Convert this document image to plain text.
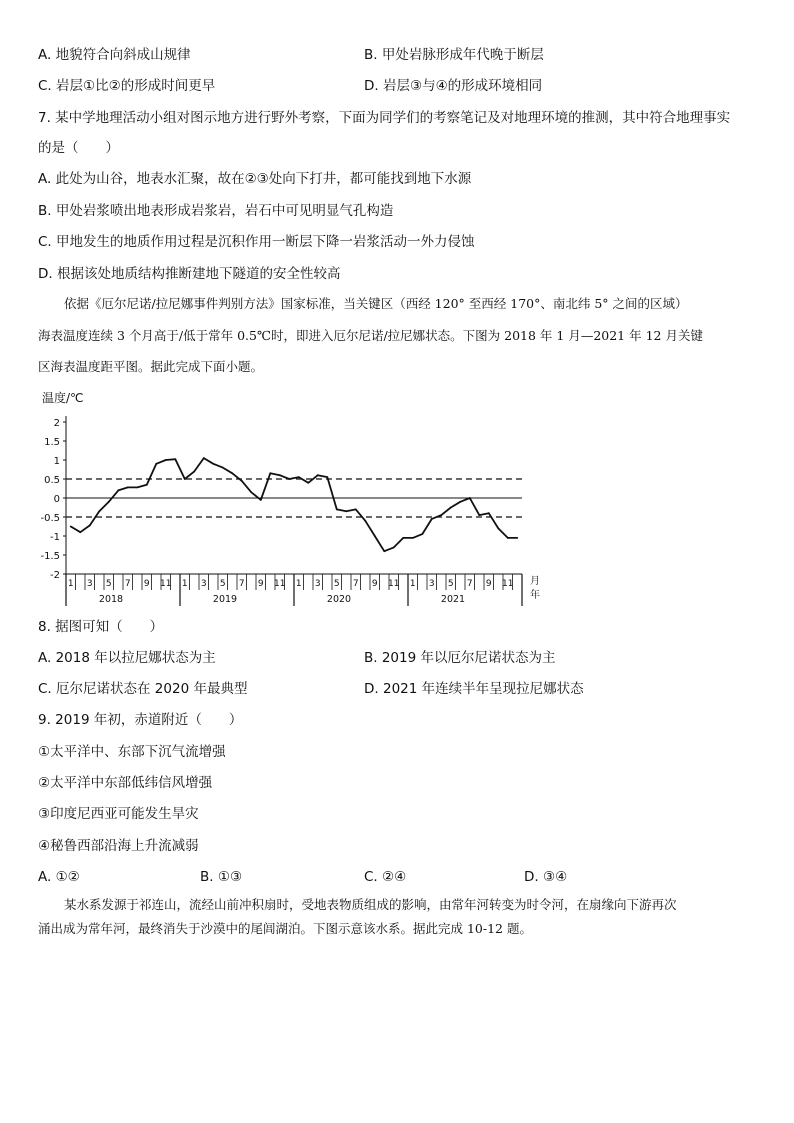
A. 地貌符合向斜成山规律	B. 甲处岩脉形成年代晚于断层
C. 岩层①比②的形成时间更早	D. 岩层③与④的形成环境相同
7. 某中学地理活动小组对图示地方进行野外考察，下面为同学们的考察笔记及对地理环境的推测，其中符合地理事实
的是（　　）
A. 此处为山谷，地表水汇聚，故在②③处向下打井，都可能找到地下水源
B. 甲处岩浆喷出地表形成岩浆岩，岩石中可见明显气孔构造
C. 甲地发生的地质作用过程是沉积作用一断层下降一岩浆活动一外力侵蚀
D. 根据该处地质结构推断建地下隧道的安全性较高
依据《厄尔尼诺/拉尼娜事件判别方法》国家标准，当关键区（西经 120° 至西经 170°、南北纬 5° 之间的区域）
海表温度连续 3 个月高于/低于常年 0.5℃时，即进入厄尔尼诺/拉尼娜状态。下图为 2018 年 1 月—2021 年 12 月关键
区海表温度距平图。据此完成下面小题。
温度/℃
2
1.5
1
0.5
0
-0.5
-1
-1.5
-2
1 3 5 7 9 11
2018
1 3 5 7 9 11
2019
1 3 5 7 9 11
2020
1 3 5 7 9 11
2021
月
年
8. 据图可知（　　）
A. 2018 年以拉尼娜状态为主	B. 2019 年以厄尔尼诺状态为主
C. 厄尔尼诺状态在 2020 年最典型	D. 2021 年连续半年呈现拉尼娜状态
9. 2019 年初，赤道附近（　　）
①太平洋中、东部下沉气流增强
②太平洋中东部低纬信风增强
③印度尼西亚可能发生旱灾
④秘鲁西部沿海上升流减弱
A. ①②	B. ①③	C. ②④	D. ③④
某水系发源于祁连山，流经山前冲积扇时，受地表物质组成的影响，由常年河转变为时令河，在扇缘向下游再次
涌出成为常年河，最终消失于沙漠中的尾闾湖泊。下图示意该水系。据此完成 10-12 题。
